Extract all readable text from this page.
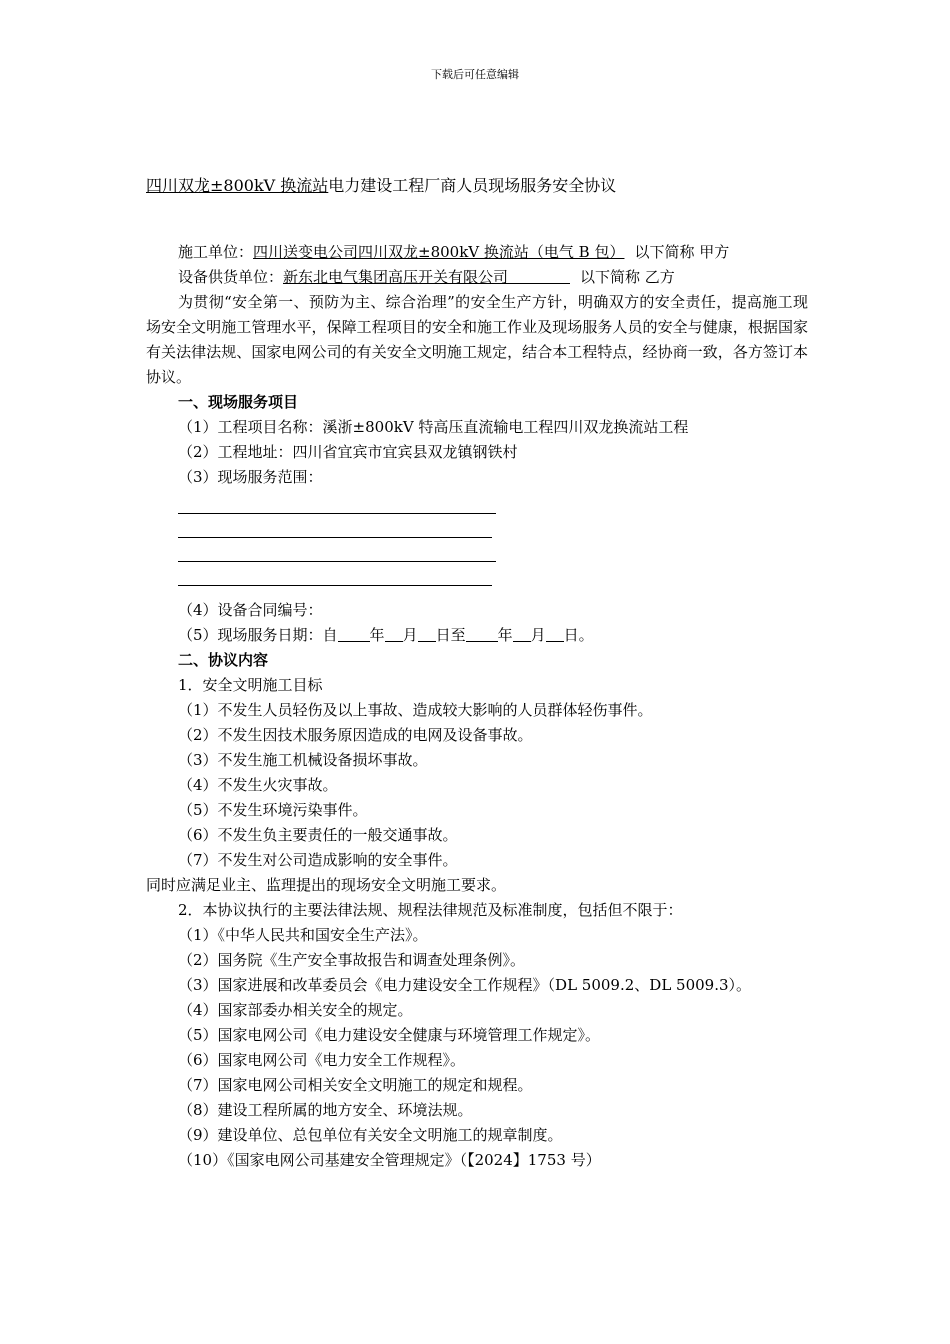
下载后可任意编辑
四川双龙±800kV 换流站电力建设工程厂商人员现场服务安全协议
施工单位：四川送变电公司四川双龙±800kV 换流站（电气 B 包） 以下简称 甲方
设备供货单位：新东北电气集团高压开关有限公司	以下简称 乙方
为贯彻“安全第一、预防为主、综合治理”的安全生产方针，明确双方的安全责任，提高施工现场安全文明施工管理水平，保障工程项目的安全和施工作业及现场服务人员的安全与健康，根据国家有关法律法规、国家电网公司的有关安全文明施工规定，结合本工程特点，经协商一致，各方签订本协议。
一、现场服务项目
（1）工程项目名称：溪浙±800kV 特高压直流输电工程四川双龙换流站工程
（2）工程地址：四川省宜宾市宜宾县双龙镇钢铁村
（3）现场服务范围：
（4）设备合同编号：
（5）现场服务日期：自 年 月 日至 年 月 日。
二、协议内容
1．安全文明施工目标
（1）不发生人员轻伤及以上事故、造成较大影响的人员群体轻伤事件。
（2）不发生因技术服务原因造成的电网及设备事故。
（3）不发生施工机械设备损坏事故。
（4）不发生火灾事故。
（5）不发生环境污染事件。
（6）不发生负主要责任的一般交通事故。
（7）不发生对公司造成影响的安全事件。
同时应满足业主、监理提出的现场安全文明施工要求。
2．本协议执行的主要法律法规、规程法律规范及标准制度，包括但不限于：
（1）《中华人民共和国安全生产法》。
（2）国务院《生产安全事故报告和调查处理条例》。
（3）国家进展和改革委员会《电力建设安全工作规程》（DL 5009.2、DL 5009.3）。
（4）国家部委办相关安全的规定。
（5）国家电网公司《电力建设安全健康与环境管理工作规定》。
（6）国家电网公司《电力安全工作规程》。
（7）国家电网公司相关安全文明施工的规定和规程。
（8）建设工程所属的地方安全、环境法规。
（9）建设单位、总包单位有关安全文明施工的规章制度。
（10）《国家电网公司基建安全管理规定》（【2024】1753 号）
